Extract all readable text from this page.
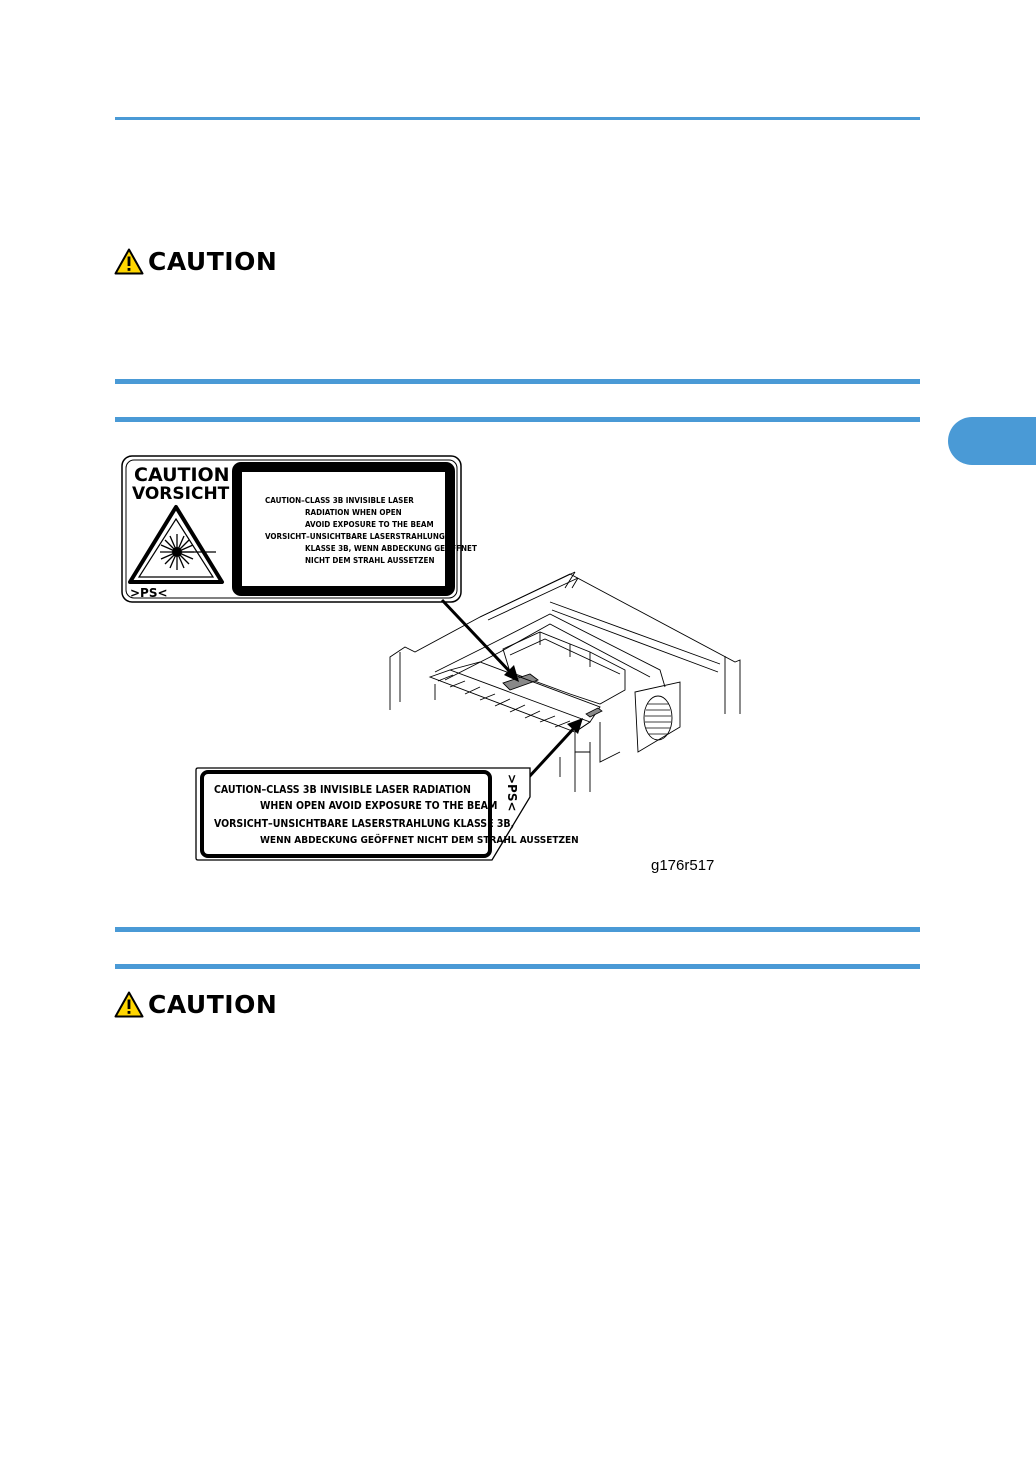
CAUTION
CAUTION
CAUTION
VORSICHT
>PS<
CAUTION–CLASS 3B INVISIBLE LASER
RADIATION WHEN OPEN
AVOID EXPOSURE TO THE BEAM
VORSICHT–UNSICHTBARE LASERSTRAHLUNG
KLASSE 3B, WENN ABDECKUNG GEÖFFNET
NICHT DEM STRAHL AUSSETZEN
CAUTION–CLASS 3B INVISIBLE LASER RADIATION
WHEN OPEN AVOID EXPOSURE TO THE BEAM
VORSICHT–UNSICHTBARE LASERSTRAHLUNG KLASSE 3B,
WENN ABDECKUNG GEÖFFNET NICHT DEM STRAHL AUSSETZEN
>PS<
g176r517
